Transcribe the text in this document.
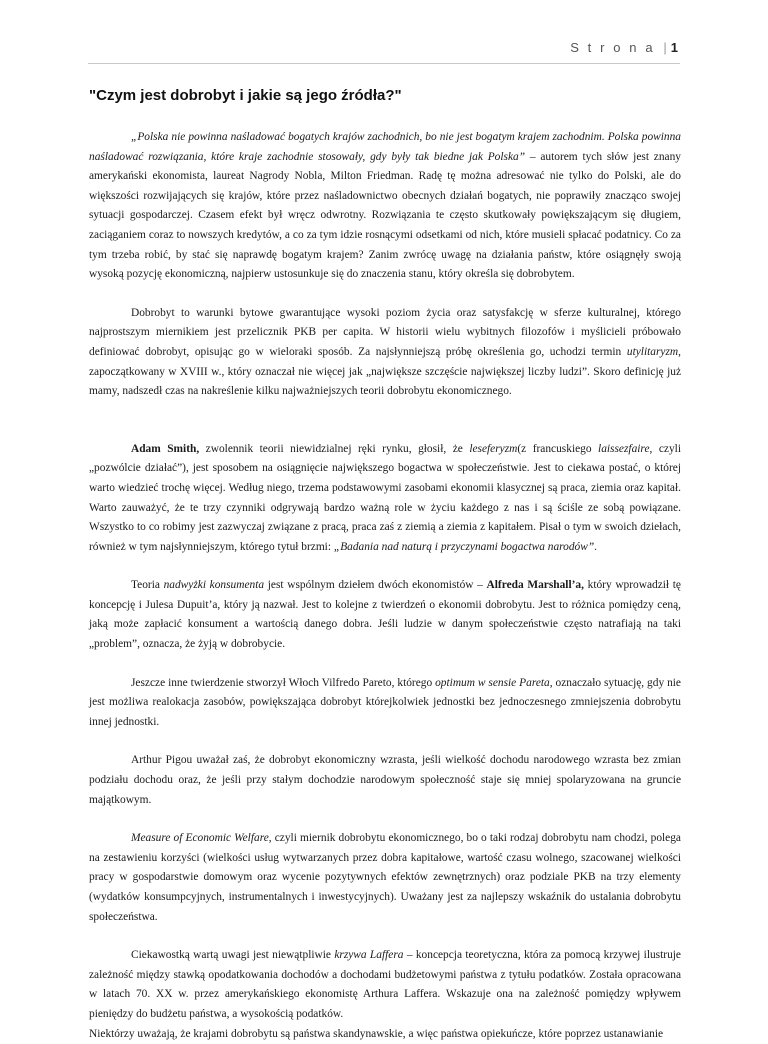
S t r o n a | 1
"Czym jest dobrobyt i jakie są jego źródła?"

„Polska nie powinna naśladować bogatych krajów zachodnich, bo nie jest bogatym krajem zachodnim. Polska powinna naśladować rozwiązania, które kraje zachodnie stosowały, gdy były tak biedne jak Polska” – autorem tych słów jest znany amerykański ekonomista, laureat Nagrody Nobla, Milton Friedman. Radę tę można adresować nie tylko do Polski, ale do większości rozwijających się krajów, które przez naśladownictwo obecnych działań bogatych, nie poprawiły znacząco swojej sytuacji gospodarczej. Czasem efekt był wręcz odwrotny. Rozwiązania te często skutkowały powiększającym się długiem, zaciąganiem coraz to nowszych kredytów, a co za tym idzie rosnącymi odsetkami od nich, które musieli spłacać podatnicy. Co za tym trzeba robić, by stać się naprawdę bogatym krajem? Zanim zwrócę uwagę na działania państw, które osiągnęły swoją wysoką pozycję ekonomiczną, najpierw ustosunkuje się do znaczenia stanu, który określa się dobrobytem.

Dobrobyt to warunki bytowe gwarantujące wysoki poziom życia oraz satysfakcję w sferze kulturalnej, którego najprostszym miernikiem jest przelicznik PKB per capita. W historii wielu wybitnych filozofów i myślicieli próbowało definiować dobrobyt, opisując go w wieloraki sposób. Za najsłynniejszą próbę określenia go, uchodzi termin utylitaryzm, zapoczątkowany w XVIII w., który oznaczał nie więcej jak „największe szczęście największej liczby ludzi”. Skoro definicję już mamy, nadszedł czas na nakreślenie kilku najważniejszych teorii dobrobytu ekonomicznego.

Adam Smith, zwolennik teorii niewidzialnej ręki rynku, głosił, że leseferyzm(z francuskiego laissezfaire, czyli „pozwólcie działać”), jest sposobem na osiągnięcie największego bogactwa w społeczeństwie. Jest to ciekawa postać, o której warto wiedzieć trochę więcej. Według niego, trzema podstawowymi zasobami ekonomii klasycznej są praca, ziemia oraz kapitał. Warto zauważyć, że te trzy czynniki odgrywają bardzo ważną role w życiu każdego z nas i są ściśle ze sobą powiązane. Wszystko to co robimy jest zazwyczaj związane z pracą, praca zaś z ziemią a ziemia z kapitałem. Pisał o tym w swoich dziełach, również w tym najsłynniejszym, którego tytuł brzmi: „Badania nad naturą i przyczynami bogactwa narodów”.

Teoria nadwyżki konsumenta jest wspólnym dziełem dwóch ekonomistów – Alfreda Marshall’a, który wprowadził tę koncepcję i Julesa Dupuit’a, który ją nazwał. Jest to kolejne z twierdzeń o ekonomii dobrobytu. Jest to różnica pomiędzy ceną, jaką może zapłacić konsument a wartością danego dobra. Jeśli ludzie w danym społeczeństwie często natrafiają na taki „problem”, oznacza, że żyją w dobrobycie.

Jeszcze inne twierdzenie stworzył Włoch Vilfredo Pareto, którego optimum w sensie Pareta, oznaczało sytuację, gdy nie jest możliwa realokacja zasobów, powiększająca dobrobyt którejkolwiek jednostki bez jednoczesnego zmniejszenia dobrobytu innej jednostki.

Arthur Pigou uważał zaś, że dobrobyt ekonomiczny wzrasta, jeśli wielkość dochodu narodowego wzrasta bez zmian podziału dochodu oraz, że jeśli przy stałym dochodzie narodowym społeczność staje się mniej spolaryzowana na gruncie majątkowym.

Measure of Economic Welfare, czyli miernik dobrobytu ekonomicznego, bo o taki rodzaj dobrobytu nam chodzi, polega na zestawieniu korzyści (wielkości usług wytwarzanych przez dobra kapitałowe, wartość czasu wolnego, szacowanej wielkości pracy w gospodarstwie domowym oraz wycenie pozytywnych efektów zewnętrznych) oraz podziale PKB na trzy elementy (wydatków konsumpcyjnych, instrumentalnych i inwestycyjnych). Uważany jest za najlepszy wskaźnik do ustalania dobrobytu społeczeństwa.

Ciekawostką wartą uwagi jest niewątpliwie krzywa Laffera – koncepcja teoretyczna, która za pomocą krzywej ilustruje zależność między stawką opodatkowania dochodów a dochodami budżetowymi państwa z tytułu podatków. Została opracowana w latach 70. XX w. przez amerykańskiego ekonomistę Arthura Laffera. Wskazuje ona na zależność pomiędzy wpływem pieniędzy do budżetu państwa, a wysokością podatków.

Niektórzy uważają, że krajami dobrobytu są państwa skandynawskie, a więc państwa opiekuńcze, które poprzez ustanawianie
